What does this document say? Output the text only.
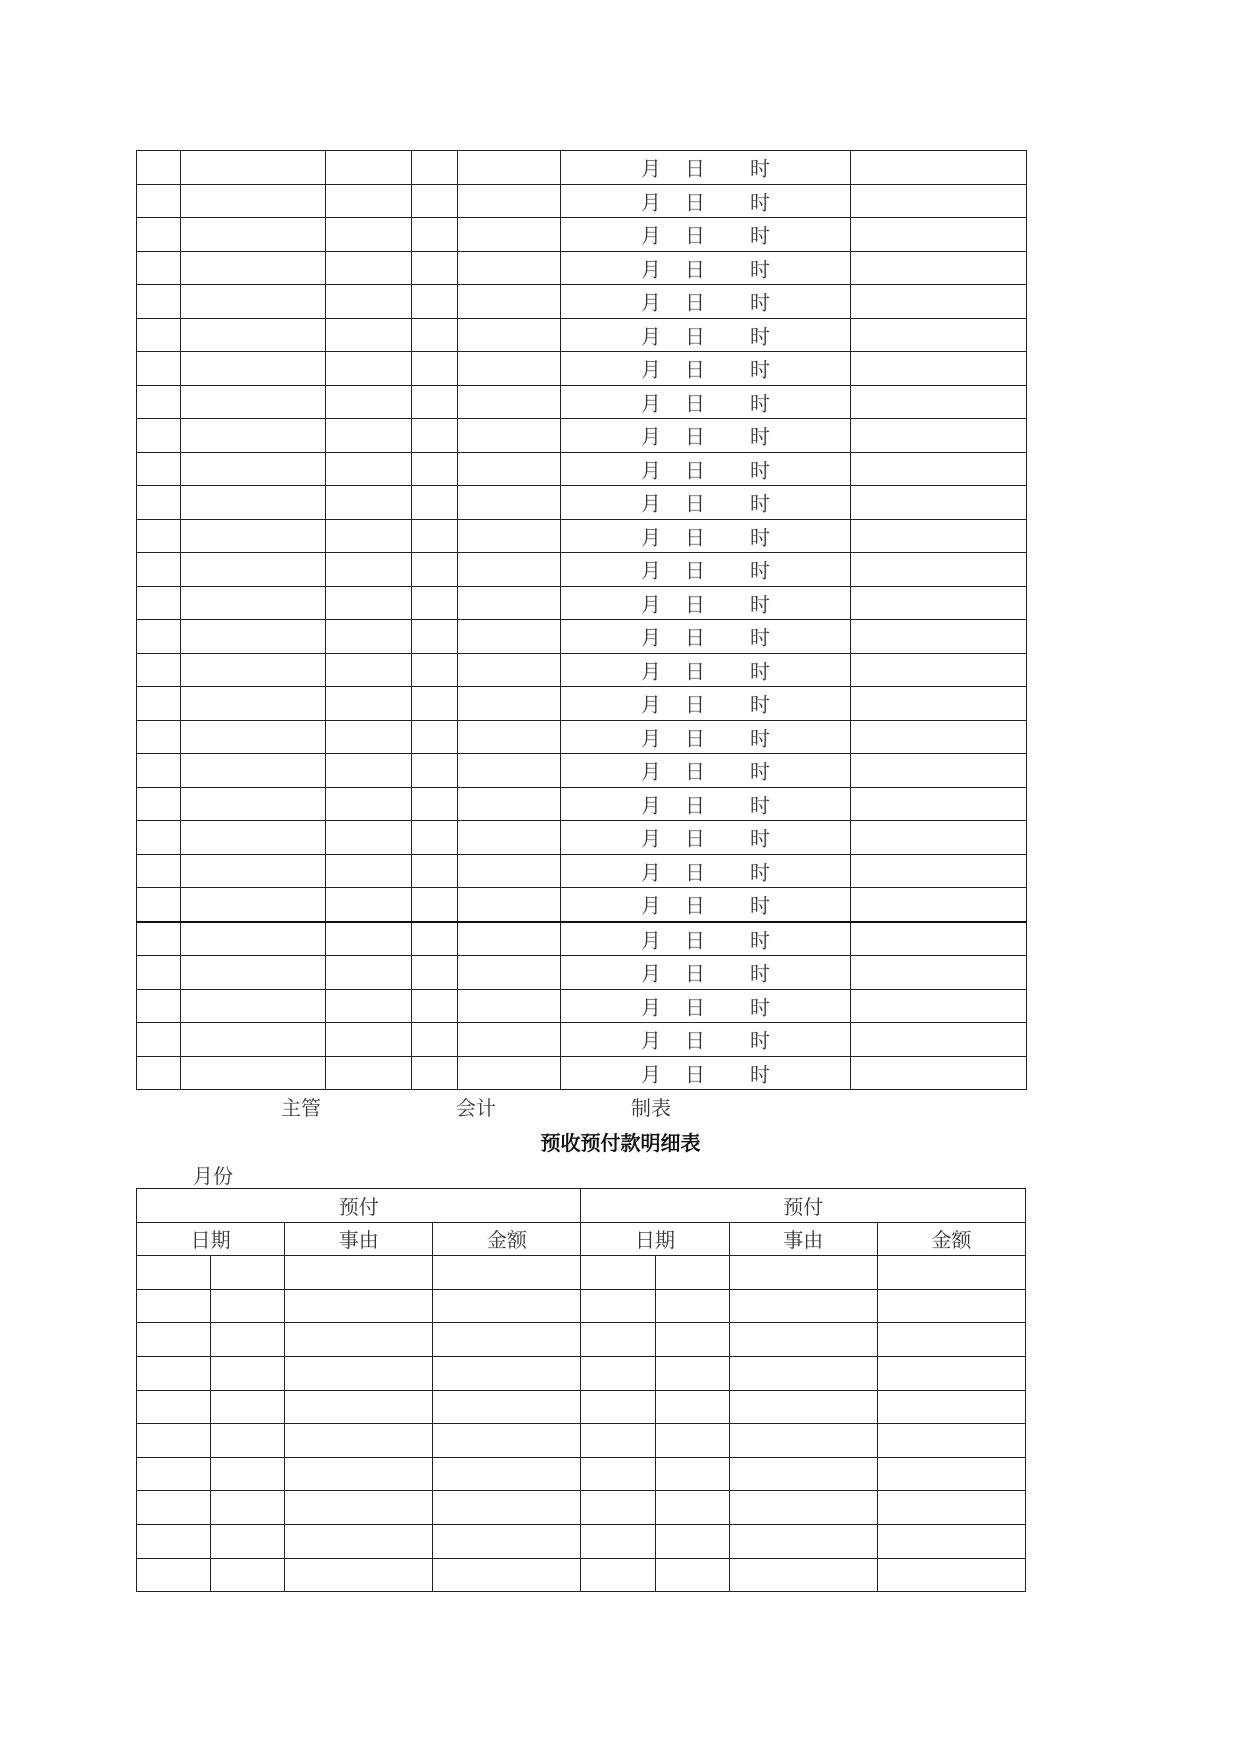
					月 日 时	

					月 日 时	

					月 日 时	

					月 日 时	

					月 日 时	

					月 日 时	

					月 日 时	

					月 日 时	

					月 日 时	

					月 日 时	

					月 日 时	

					月 日 时	

					月 日 时	

					月 日 时	

					月 日 时	

					月 日 时	

					月 日 时	

					月 日 时	

					月 日 时	

					月 日 时	

					月 日 时	

					月 日 时	

					月 日 时	

					月 日 时	

					月 日 时	

					月 日 时	

					月 日 时	

					月 日 时	

主管	会计	制表
预收预付款明细表
月份
预付				预付			
日期		事由	金额	日期		事由	金额
